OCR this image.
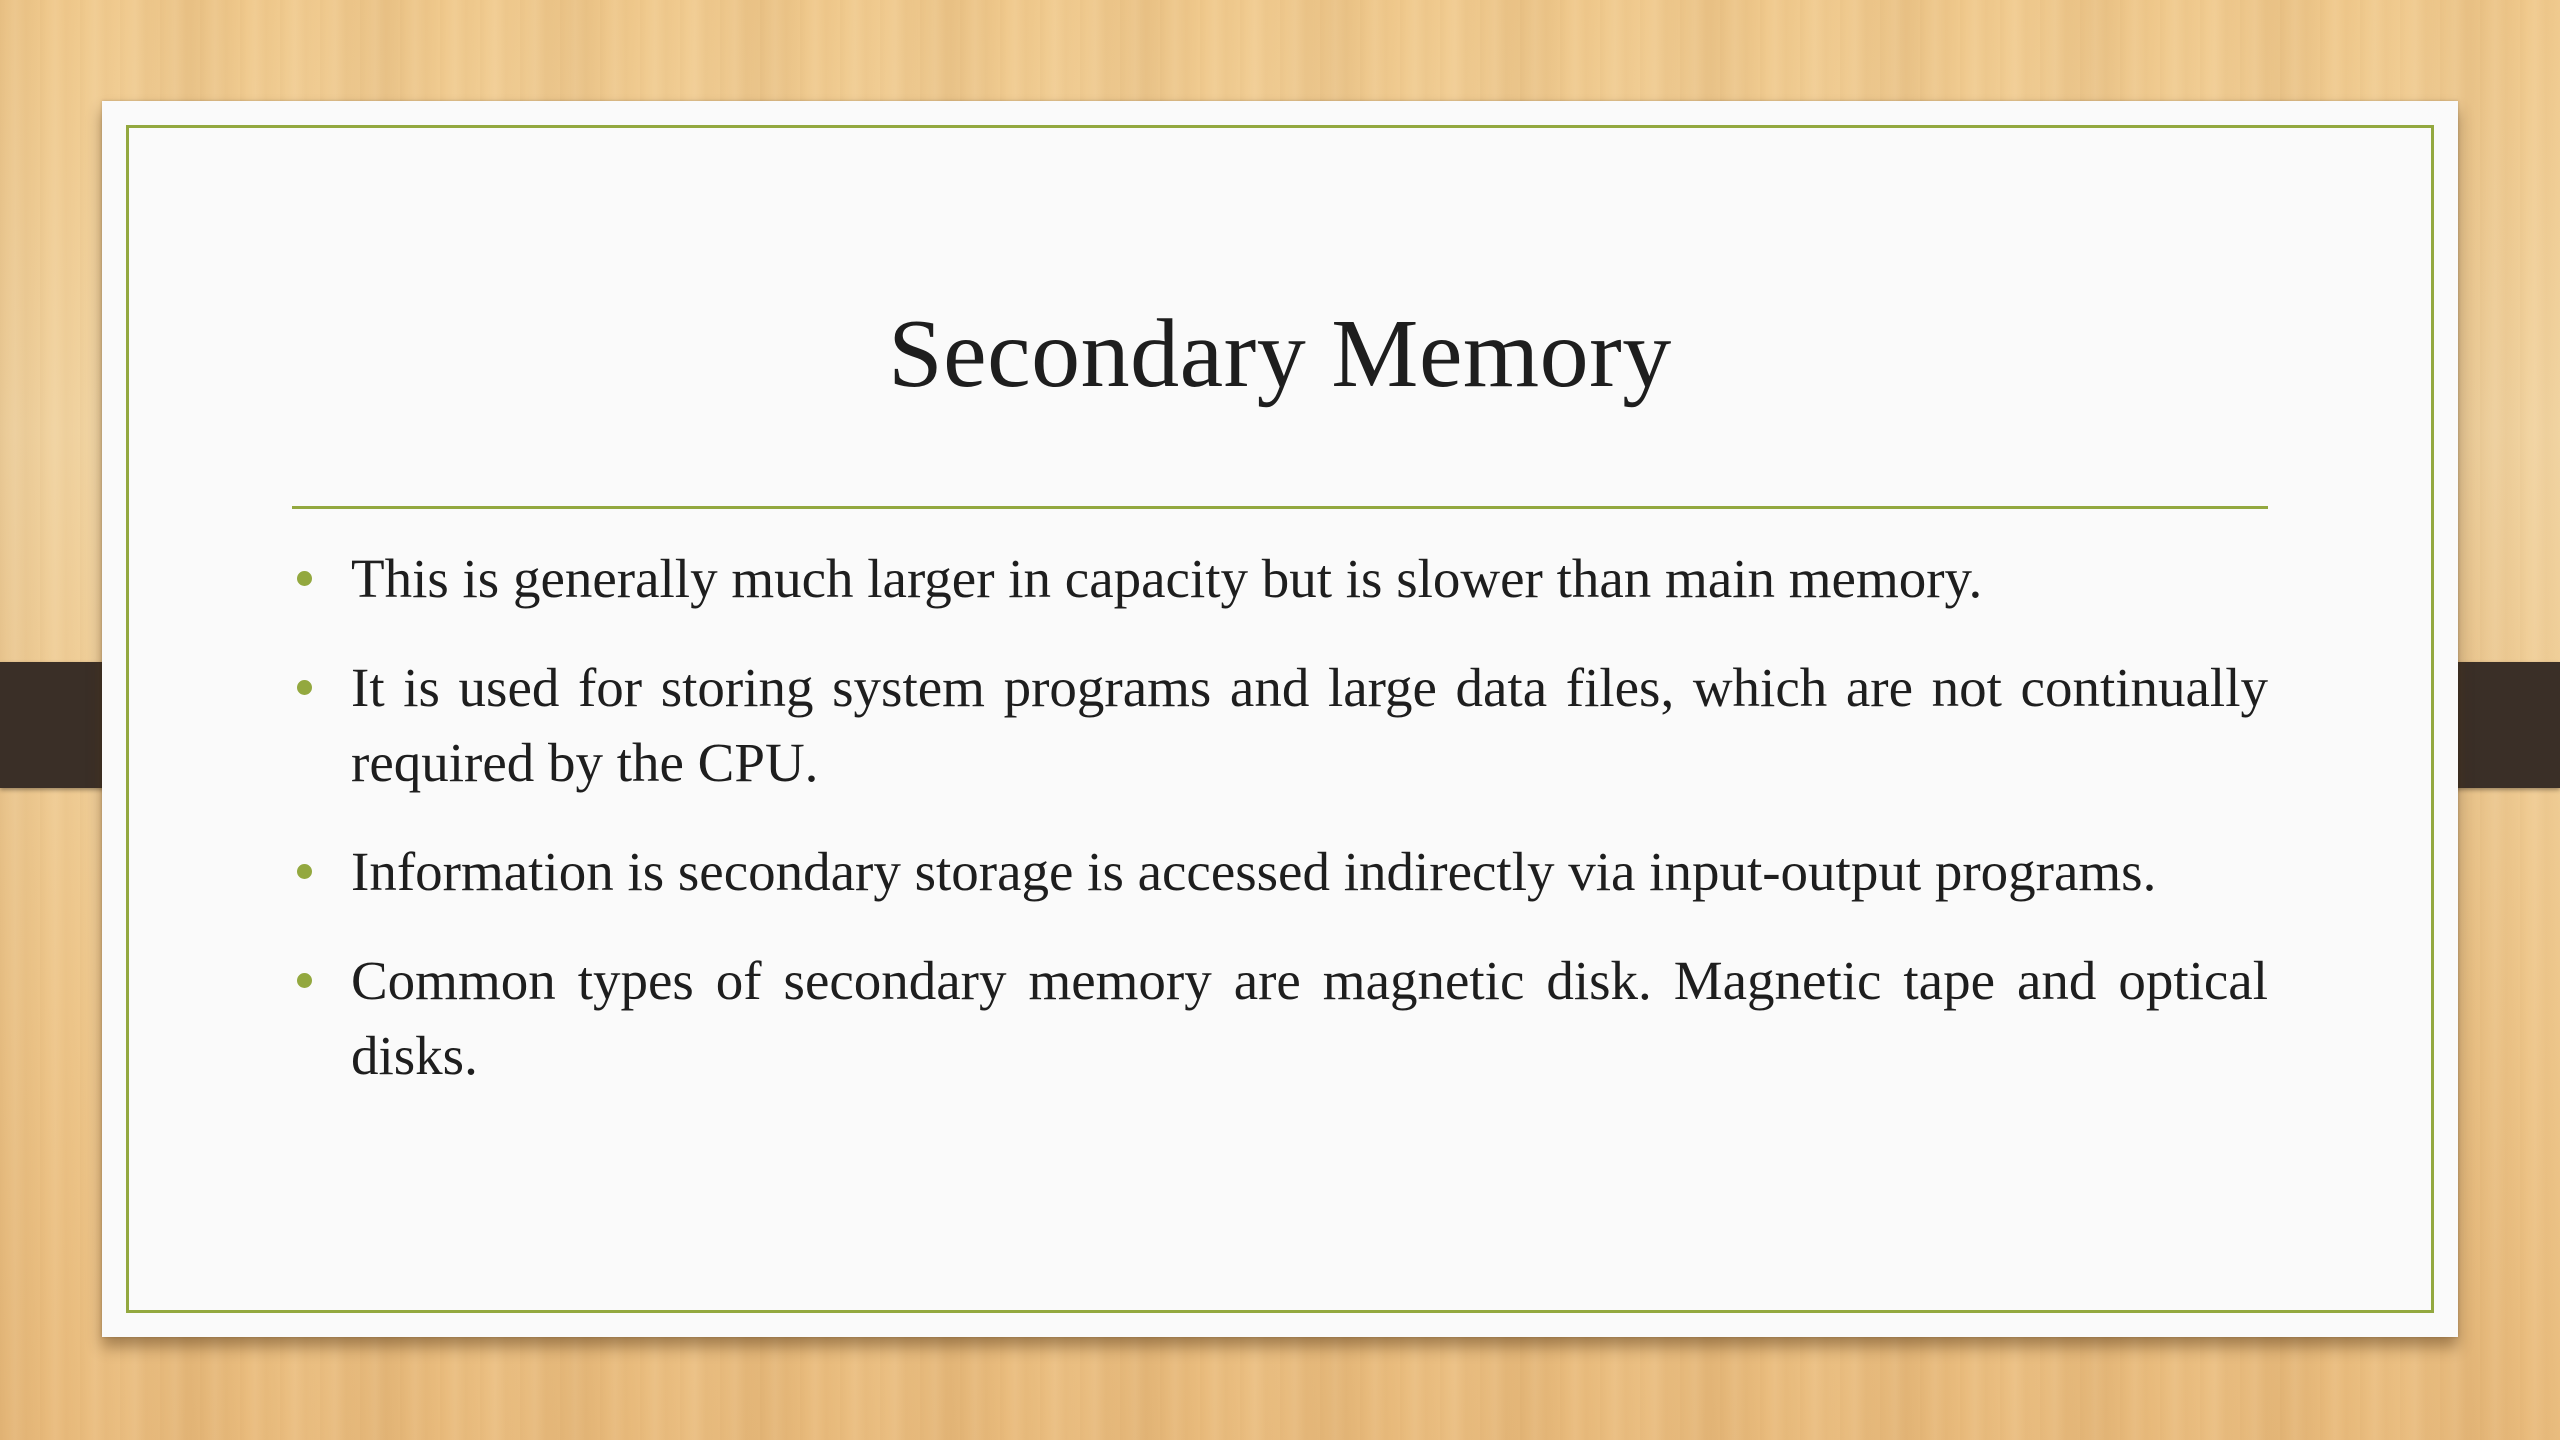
Secondary Memory
This is generally much larger in capacity but is slower than main memory.
It is used for storing system programs and large data files, which are not continually required by the CPU.
Information is secondary storage is accessed indirectly via input-output programs.
Common types of secondary memory are magnetic disk. Magnetic tape and optical disks.
